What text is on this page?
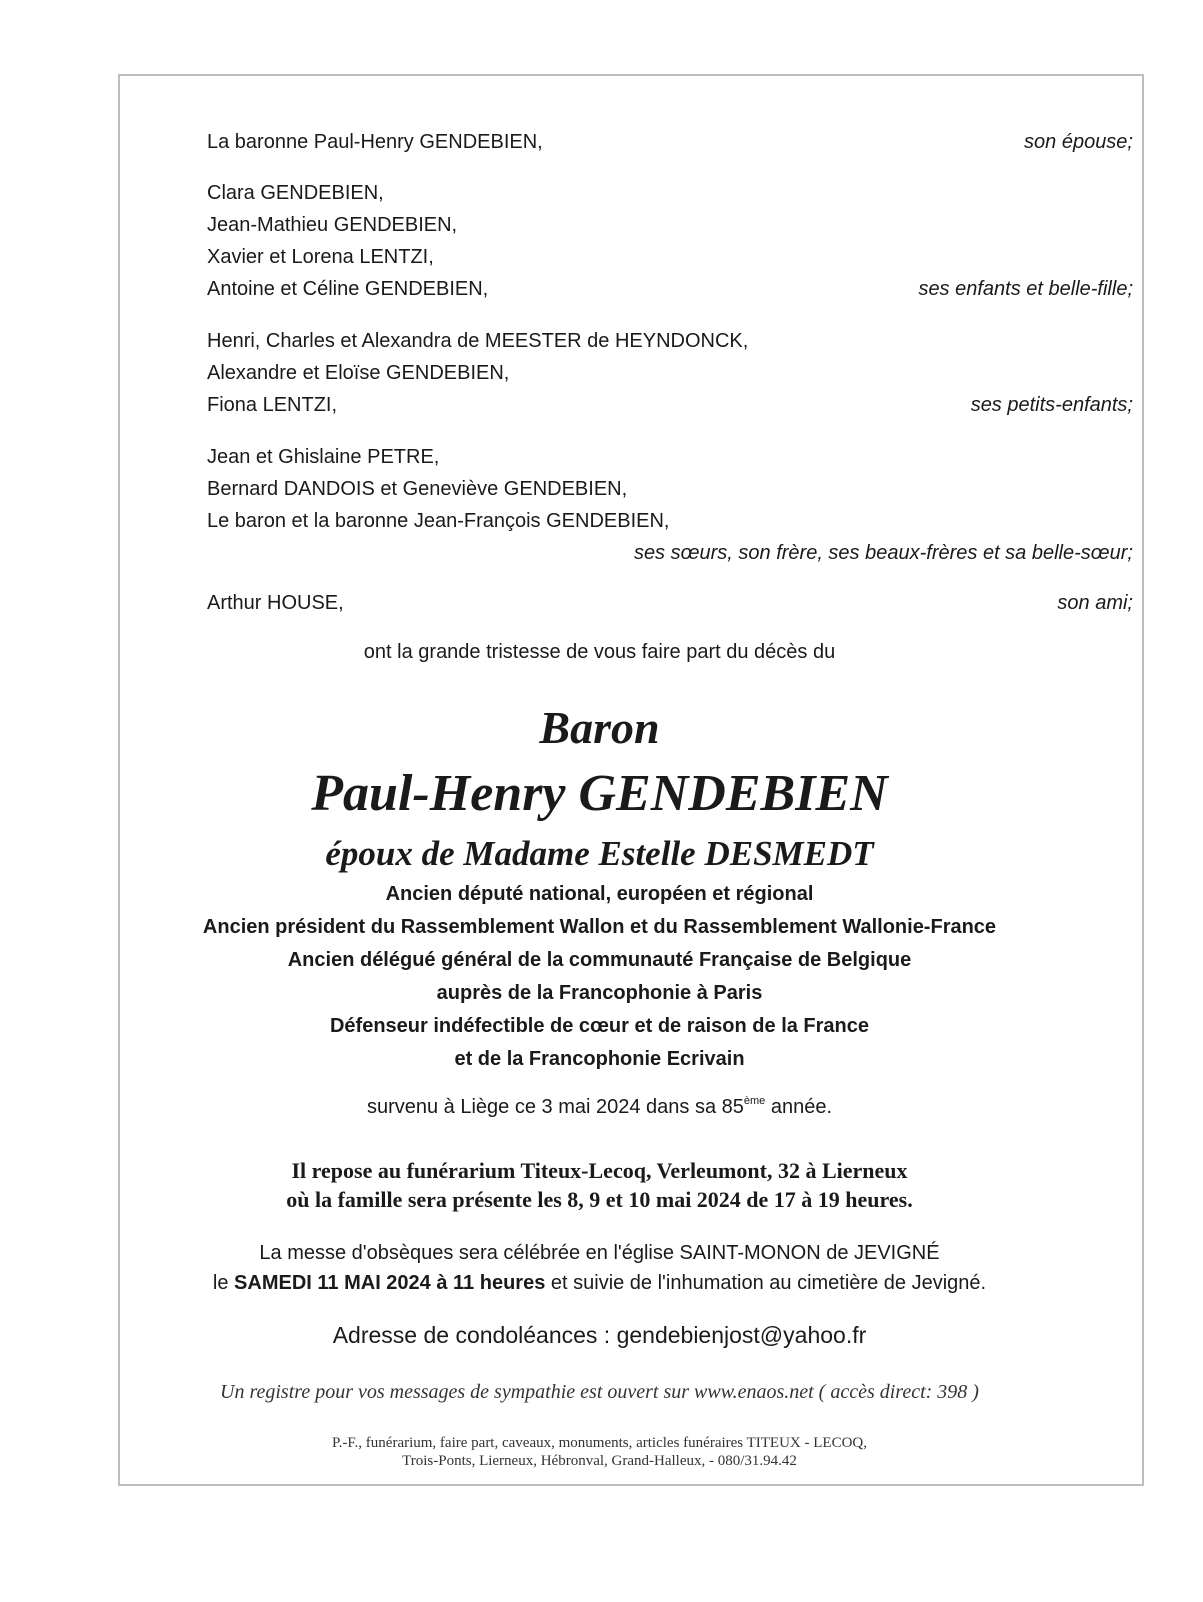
La baronne Paul-Henry GENDEBIEN,	son épouse;
Clara GENDEBIEN,
Jean-Mathieu GENDEBIEN,
Xavier et Lorena LENTZI,
Antoine et Céline GENDEBIEN,	ses enfants et belle-fille;
Henri, Charles et Alexandra de MEESTER de HEYNDONCK,
Alexandre et Eloïse GENDEBIEN,
Fiona LENTZI,	ses petits-enfants;
Jean et Ghislaine PETRE,
Bernard DANDOIS et Geneviève GENDEBIEN,
Le baron et la baronne Jean-François GENDEBIEN,
ses sœurs, son frère, ses beaux-frères et sa belle-sœur;
Arthur HOUSE,	son ami;
ont la grande tristesse de vous faire part du décès du
Baron
Paul-Henry GENDEBIEN
époux de Madame Estelle DESMEDT
Ancien député national, européen et régional
Ancien président du Rassemblement Wallon et du Rassemblement Wallonie-France
Ancien délégué général de la communauté Française de Belgique
auprès de la Francophonie à Paris
Défenseur indéfectible de cœur et de raison de la France
et de la Francophonie Ecrivain
survenu à Liège ce 3 mai 2024 dans sa 85ème année.
Il repose au funérarium Titeux-Lecoq, Verleumont, 32 à Lierneux
où la famille sera présente les 8, 9 et 10 mai 2024 de 17 à 19 heures.
La messe d'obsèques sera célébrée en l'église SAINT-MONON de JEVIGNÉ
le SAMEDI 11 MAI 2024 à 11 heures et suivie de l'inhumation au cimetière de Jevigné.
Adresse de condoléances : gendebienjost@yahoo.fr
Un registre pour vos messages de sympathie est ouvert sur www.enaos.net ( accès direct: 398 )
P.-F., funérarium, faire part, caveaux, monuments, articles funéraires TITEUX - LECOQ,
Trois-Ponts, Lierneux, Hébronval, Grand-Halleux, - 080/31.94.42
